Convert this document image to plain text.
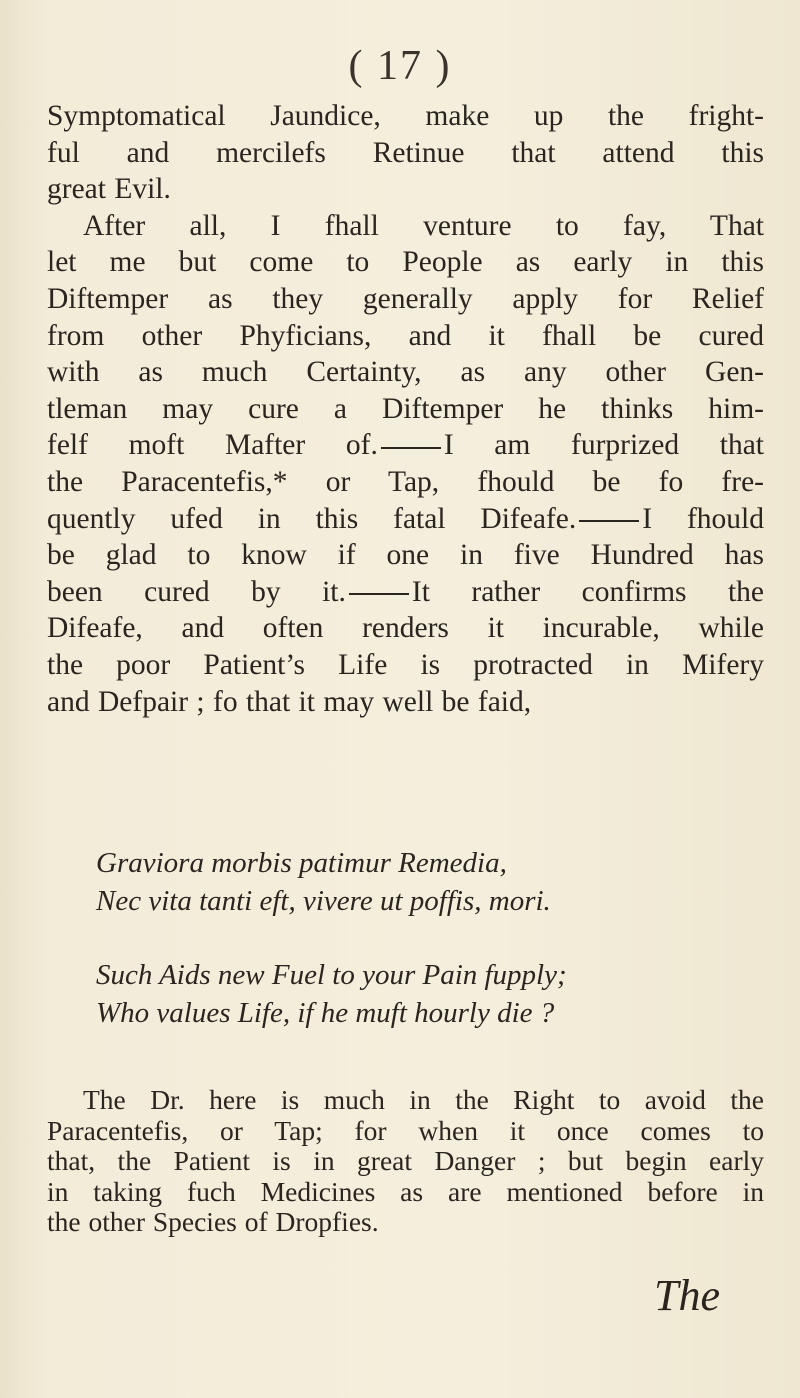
( 17 )
Symptomatical Jaundice, make up the fright-
ful and mercilefs Retinue that attend this
great Evil.
After all, I fhall venture to fay, That
let me but come to People as early in this
Diftemper as they generally apply for Relief
from other Phyficians, and it fhall be cured
with as much Certainty, as any other Gen-
tleman may cure a Diftemper he thinks him-
felf moft Mafter of. I am furprized that
the Paracentefis,* or Tap, fhould be fo fre-
quently ufed in this fatal Difeafe. I fhould
be glad to know if one in five Hundred has
been cured by it. It rather confirms the
Difeafe, and often renders it incurable, while
the poor Patient’s Life is protracted in Mifery
and Defpair ; fo that it may well be faid,
Graviora morbis patimur Remedia,
Nec vita tanti eft, vivere ut poffis, mori.
Such Aids new Fuel to your Pain fupply;
Who values Life, if he muft hourly die ?
The Dr. here is much in the Right to avoid the
Paracentefis, or Tap; for when it once comes to
that, the Patient is in great Danger ; but begin early
in taking fuch Medicines as are mentioned before in
the other Species of Dropfies.
The
